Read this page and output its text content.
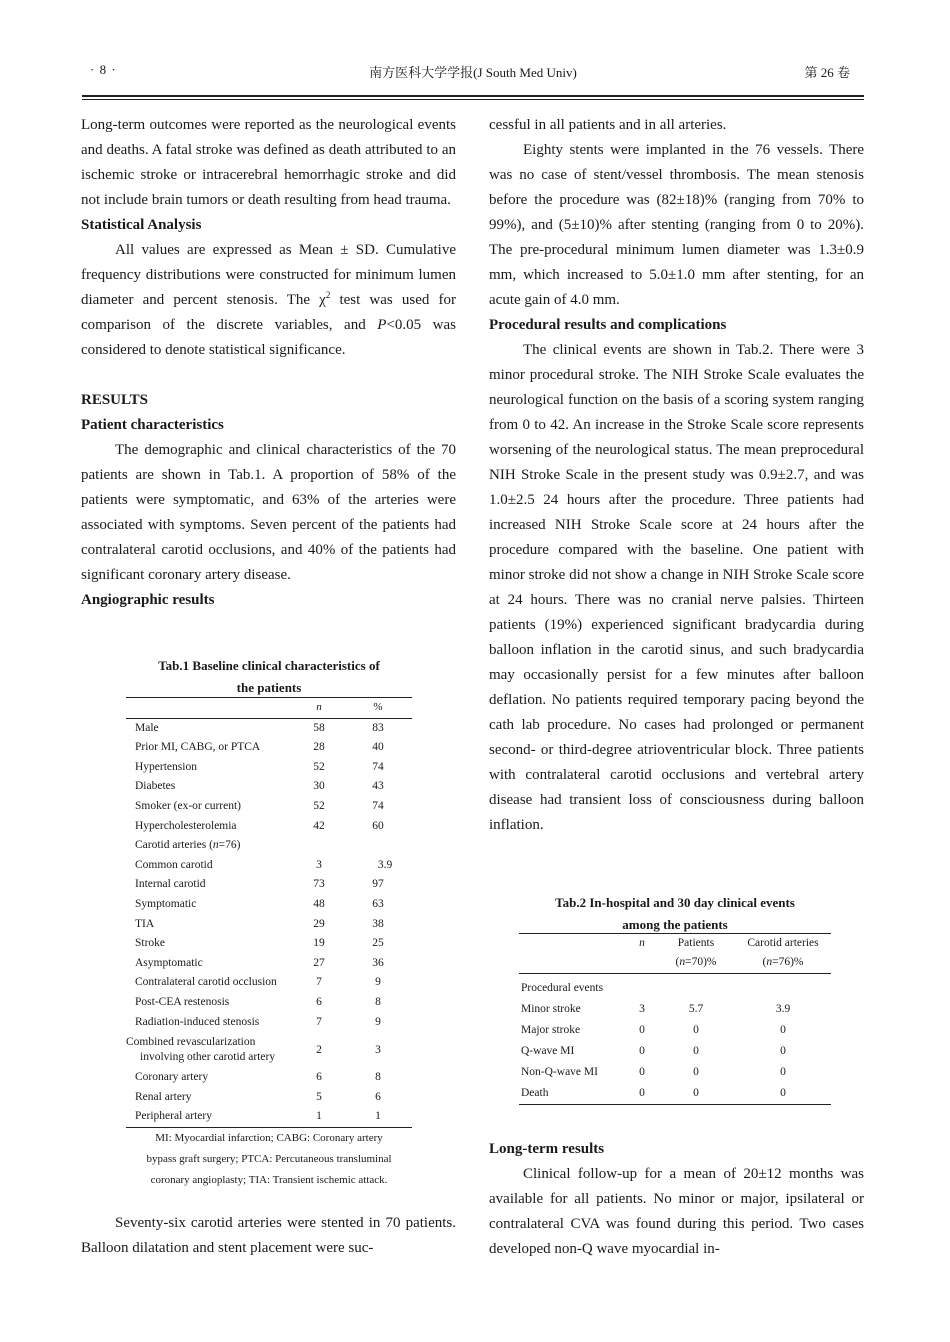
· 8 ·	南方医科大学学报(J South Med Univ)	第 26 卷

Long-term outcomes were reported as the neurological events and deaths. A fatal stroke was defined as death attributed to an ischemic stroke or intracerebral hemorrhagic stroke and did not include brain tumors or death resulting from head trauma.

Statistical Analysis

All values are expressed as Mean ± SD. Cumulative frequency distributions were constructed for minimum lumen diameter and percent stenosis. The $\chi^2$ test was used for comparison of the discrete variables, and P<0.05 was considered to denote statistical significance.

RESULTS

Patient characteristics

The demographic and clinical characteristics of the 70 patients are shown in Tab.1. A proportion of 58% of the patients were symptomatic, and 63% of the arteries were associated with symptoms. Seven percent of the patients had contralateral carotid occlusions, and 40% of the patients had significant coronary artery disease.

Angiographic results

Tab.1 Baseline clinical characteristics of
the patients
	n	%
Male	58	83
Prior MI, CABG, or PTCA	28	40
Hypertension	52	74
Diabetes	30	43
Smoker (ex-or current)	52	74
Hypercholesterolemia	42	60
Carotid arteries (n=76)		
Common carotid	3	3.9
Internal carotid	73	97
Symptomatic	48	63
TIA	29	38
Stroke	19	25
Asymptomatic	27	36
Contralateral carotid occlusion	7	9
Post-CEA restenosis	6	8
Radiation-induced stenosis	7	9

Combined revascularization
involving other carotid artery	2	3
Coronary artery	6	8
Renal artery	5	6
Peripheral artery	1	1
MI: Myocardial infarction; CABG: Coronary artery
bypass graft surgery; PTCA: Percutaneous transluminal
coronary angioplasty; TIA: Transient ischemic attack.

Seventy-six carotid arteries were stented in 70 patients. Balloon dilatation and stent placement were suc-

cessful in all patients and in all arteries.

Eighty stents were implanted in the 76 vessels. There was no case of stent/vessel thrombosis. The mean stenosis before the procedure was (82±18)% (ranging from 70% to 99%), and (5±10)% after stenting (ranging from 0 to 20%). The pre-procedural minimum lumen diameter was 1.3±0.9 mm, which increased to 5.0±1.0 mm after stenting, for an acute gain of 4.0 mm.

Procedural results and complications

The clinical events are shown in Tab.2. There were 3 minor procedural stroke. The NIH Stroke Scale evaluates the neurological function on the basis of a scoring system ranging from 0 to 42. An increase in the Stroke Scale score represents worsening of the neurological status. The mean preprocedural NIH Stroke Scale in the present study was 0.9±2.7, and was 1.0±2.5 24 hours after the procedure. Three patients had increased NIH Stroke Scale score at 24 hours after the procedure compared with the baseline. One patient with minor stroke did not show a change in NIH Stroke Scale score at 24 hours. There was no cranial nerve palsies. Thirteen patients (19%) experienced significant bradycardia during balloon inflation in the carotid sinus, and such bradycardia may occasionally persist for a few minutes after balloon deflation. No patients required temporary pacing beyond the cath lab procedure. No cases had prolonged or permanent second- or third-degree atrioventricular block. Three patients with contralateral carotid occlusions and vertebral artery disease had transient loss of consciousness during balloon inflation.

Tab.2 In-hospital and 30 day clinical events
among the patients
	n	Patients	Carotid arteries
		(n=70)%	(n=76)%
Procedural events			
Minor stroke	3	5.7	3.9
Major stroke	0	0	0
Q-wave MI	0	0	0
Non-Q-wave MI	0	0	0
Death	0	0	0

Long-term results

Clinical follow-up for a mean of 20±12 months was available for all patients. No minor or major, ipsilateral or contralateral CVA was found during this period. Two cases developed non-Q wave myocardial in-
